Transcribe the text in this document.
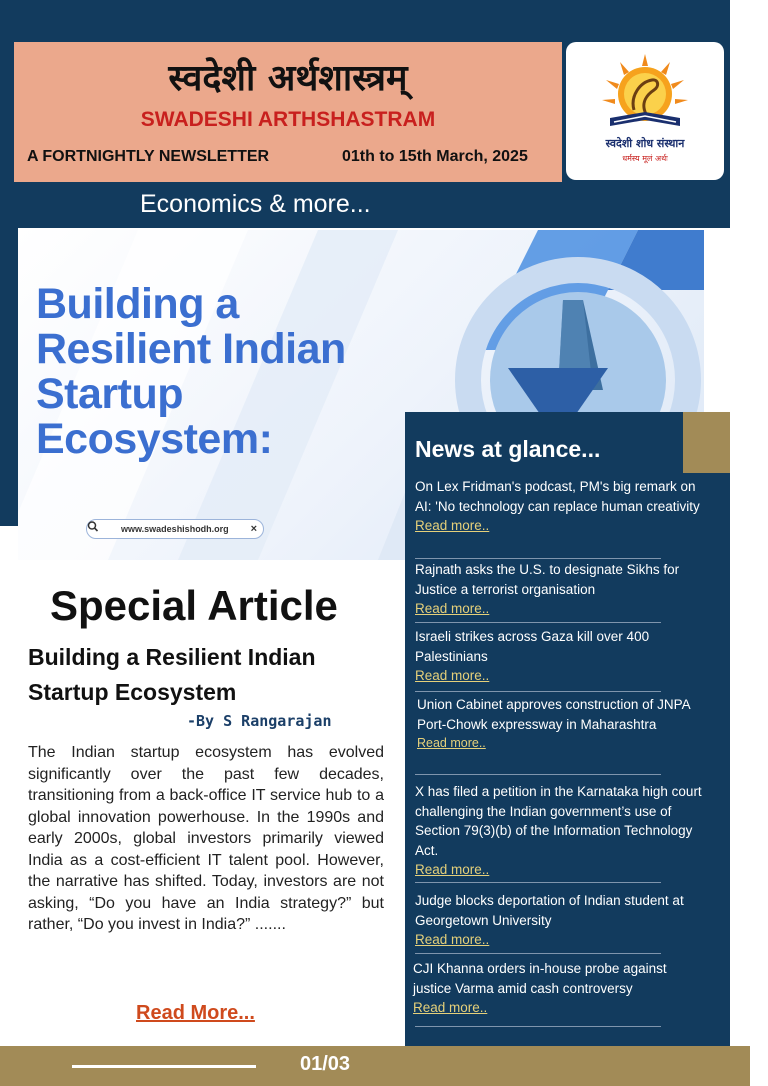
स्वदेशी अर्थशास्त्रम्
SWADESHI ARTHSHASTRAM
A FORTNIGHTLY NEWSLETTER	01th to 15th March, 2025
स्वदेशी शोध संस्थान
धर्मस्य मूलं अर्थः
Economics & more...
Building a
Resilient Indian
Startup
Ecosystem:
www.swadeshishodh.org ×
Special Article
Building a Resilient Indian Startup Ecosystem
-By S Rangarajan
The Indian startup ecosystem has evolved significantly over the past few decades, transitioning from a back-office IT service hub to a global innovation powerhouse. In the 1990s and early 2000s, global investors primarily viewed India as a cost-efficient IT talent pool. However, the narrative has shifted. Today, investors are not asking, “Do you have an India strategy?” but rather, “Do you invest in India?” .......
Read More...
News at glance...
On Lex Fridman's podcast, PM's big remark on AI: 'No technology can replace human creativity
Read more..
Rajnath asks the U.S. to designate Sikhs for Justice a terrorist organisation
Read more..
Israeli strikes across Gaza kill over 400 Palestinians
Read more..
Union Cabinet approves construction of JNPA Port-Chowk expressway in Maharashtra
Read more..
X has filed a petition in the Karnataka high court challenging the Indian government’s use of Section 79(3)(b) of the Information Technology Act.
Read more..
Judge blocks deportation of Indian student at Georgetown University
Read more..
CJI Khanna orders in-house probe against justice Varma amid cash controversy
Read more..
01/03
